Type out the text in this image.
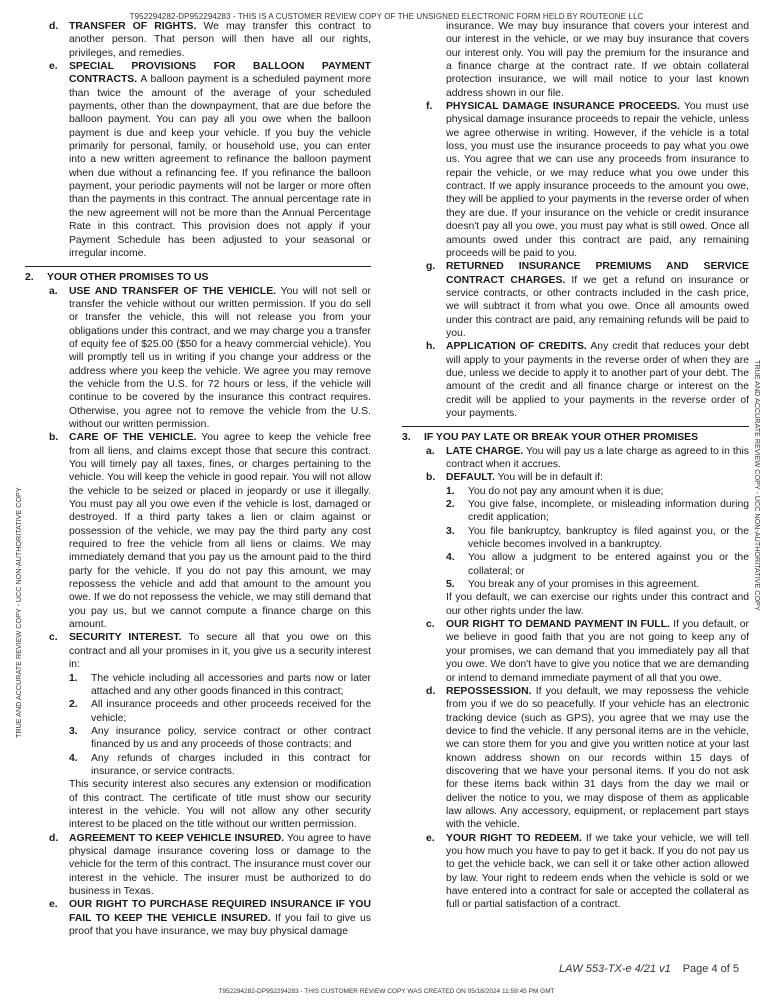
T952294282-DP952294283 - THIS IS A CUSTOMER REVIEW COPY OF THE UNSIGNED ELECTRONIC FORM HELD BY ROUTEONE LLC
TRUE AND ACCURATE REVIEW COPY - UCC NON-AUTHORITATIVE COPY
TRUE AND ACCURATE REVIEW COPY - UCC NON-AUTHORITATIVE COPY
d. TRANSFER OF RIGHTS. We may transfer this contract to another person. That person will then have all our rights, privileges, and remedies.
e. SPECIAL PROVISIONS FOR BALLOON PAYMENT CONTRACTS. A balloon payment is a scheduled payment more than twice the amount of the average of your scheduled payments, other than the downpayment, that are due before the balloon payment. You can pay all you owe when the balloon payment is due and keep your vehicle. If you buy the vehicle primarily for personal, family, or household use, you can enter into a new written agreement to refinance the balloon payment when due without a refinancing fee. If you refinance the balloon payment, your periodic payments will not be larger or more often than the payments in this contract. The annual percentage rate in the new agreement will not be more than the Annual Percentage Rate in this contract. This provision does not apply if your Payment Schedule has been adjusted to your seasonal or irregular income.
2. YOUR OTHER PROMISES TO US
a. USE AND TRANSFER OF THE VEHICLE. You will not sell or transfer the vehicle without our written permission. If you do sell or transfer the vehicle, this will not release you from your obligations under this contract, and we may charge you a transfer of equity fee of $25.00 ($50 for a heavy commercial vehicle). You will promptly tell us in writing if you change your address or the address where you keep the vehicle. We agree you may remove the vehicle from the U.S. for 72 hours or less, if the vehicle will continue to be covered by the insurance this contract requires. Otherwise, you agree not to remove the vehicle from the U.S. without our written permission.
b. CARE OF THE VEHICLE. You agree to keep the vehicle free from all liens, and claims except those that secure this contract. You will timely pay all taxes, fines, or charges pertaining to the vehicle. You will keep the vehicle in good repair. You will not allow the vehicle to be seized or placed in jeopardy or use it illegally. You must pay all you owe even if the vehicle is lost, damaged or destroyed. If a third party takes a lien or claim against or possession of the vehicle, we may pay the third party any cost required to free the vehicle from all liens or claims. We may immediately demand that you pay us the amount paid to the third party for the vehicle. If you do not pay this amount, we may repossess the vehicle and add that amount to the amount you owe. If we do not repossess the vehicle, we may still demand that you pay us, but we cannot compute a finance charge on this amount.
c. SECURITY INTEREST. To secure all that you owe on this contract and all your promises in it, you give us a security interest in:
1. The vehicle including all accessories and parts now or later attached and any other goods financed in this contract;
2. All insurance proceeds and other proceeds received for the vehicle;
3. Any insurance policy, service contract or other contract financed by us and any proceeds of those contracts; and
4. Any refunds of charges included in this contract for insurance, or service contracts.
This security interest also secures any extension or modification of this contract. The certificate of title must show our security interest in the vehicle. You will not allow any other security interest to be placed on the title without our written permission.
d. AGREEMENT TO KEEP VEHICLE INSURED. You agree to have physical damage insurance covering loss or damage to the vehicle for the term of this contract. The insurance must cover our interest in the vehicle. The insurer must be authorized to do business in Texas.
e. OUR RIGHT TO PURCHASE REQUIRED INSURANCE IF YOU FAIL TO KEEP THE VEHICLE INSURED. If you fail to give us proof that you have insurance, we may buy physical damage
insurance. We may buy insurance that covers your interest and our interest in the vehicle, or we may buy insurance that covers our interest only. You will pay the premium for the insurance and a finance charge at the contract rate. If we obtain collateral protection insurance, we will mail notice to your last known address shown in our file.
f. PHYSICAL DAMAGE INSURANCE PROCEEDS. You must use physical damage insurance proceeds to repair the vehicle, unless we agree otherwise in writing. However, if the vehicle is a total loss, you must use the insurance proceeds to pay what you owe us. You agree that we can use any proceeds from insurance to repair the vehicle, or we may reduce what you owe under this contract. If we apply insurance proceeds to the amount you owe, they will be applied to your payments in the reverse order of when they are due. If your insurance on the vehicle or credit insurance doesn't pay all you owe, you must pay what is still owed. Once all amounts owed under this contract are paid, any remaining proceeds will be paid to you.
g. RETURNED INSURANCE PREMIUMS AND SERVICE CONTRACT CHARGES. If we get a refund on insurance or service contracts, or other contracts included in the cash price, we will subtract it from what you owe. Once all amounts owed under this contract are paid, any remaining refunds will be paid to you.
h. APPLICATION OF CREDITS. Any credit that reduces your debt will apply to your payments in the reverse order of when they are due, unless we decide to apply it to another part of your debt. The amount of the credit and all finance charge or interest on the credit will be applied to your payments in the reverse order of your payments.
3. IF YOU PAY LATE OR BREAK YOUR OTHER PROMISES
a. LATE CHARGE. You will pay us a late charge as agreed to in this contract when it accrues.
b. DEFAULT. You will be in default if:
1. You do not pay any amount when it is due;
2. You give false, incomplete, or misleading information during credit application;
3. You file bankruptcy, bankruptcy is filed against you, or the vehicle becomes involved in a bankruptcy.
4. You allow a judgment to be entered against you or the collateral; or
5. You break any of your promises in this agreement.
If you default, we can exercise our rights under this contract and our other rights under the law.
c. OUR RIGHT TO DEMAND PAYMENT IN FULL. If you default, or we believe in good faith that you are not going to keep any of your promises, we can demand that you immediately pay all that you owe. We don't have to give you notice that we are demanding or intend to demand immediate payment of all that you owe.
d. REPOSSESSION. If you default, we may repossess the vehicle from you if we do so peacefully. If your vehicle has an electronic tracking device (such as GPS), you agree that we may use the device to find the vehicle. If any personal items are in the vehicle, we can store them for you and give you written notice at your last known address shown on our records within 15 days of discovering that we have your personal items. If you do not ask for these items back within 31 days from the day we mail or deliver the notice to you, we may dispose of them as applicable law allows. Any accessory, equipment, or replacement part stays with the vehicle.
e. YOUR RIGHT TO REDEEM. If we take your vehicle, we will tell you how much you have to pay to get it back. If you do not pay us to get the vehicle back, we can sell it or take other action allowed by law. Your right to redeem ends when the vehicle is sold or we have entered into a contract for sale or accepted the collateral as full or partial satisfaction of a contract.
LAW 553-TX-e 4/21 v1 Page 4 of 5
T952294282-DP952294283 - THIS CUSTOMER REVIEW COPY WAS CREATED ON 05/18/2024 11:59:45 PM GMT
